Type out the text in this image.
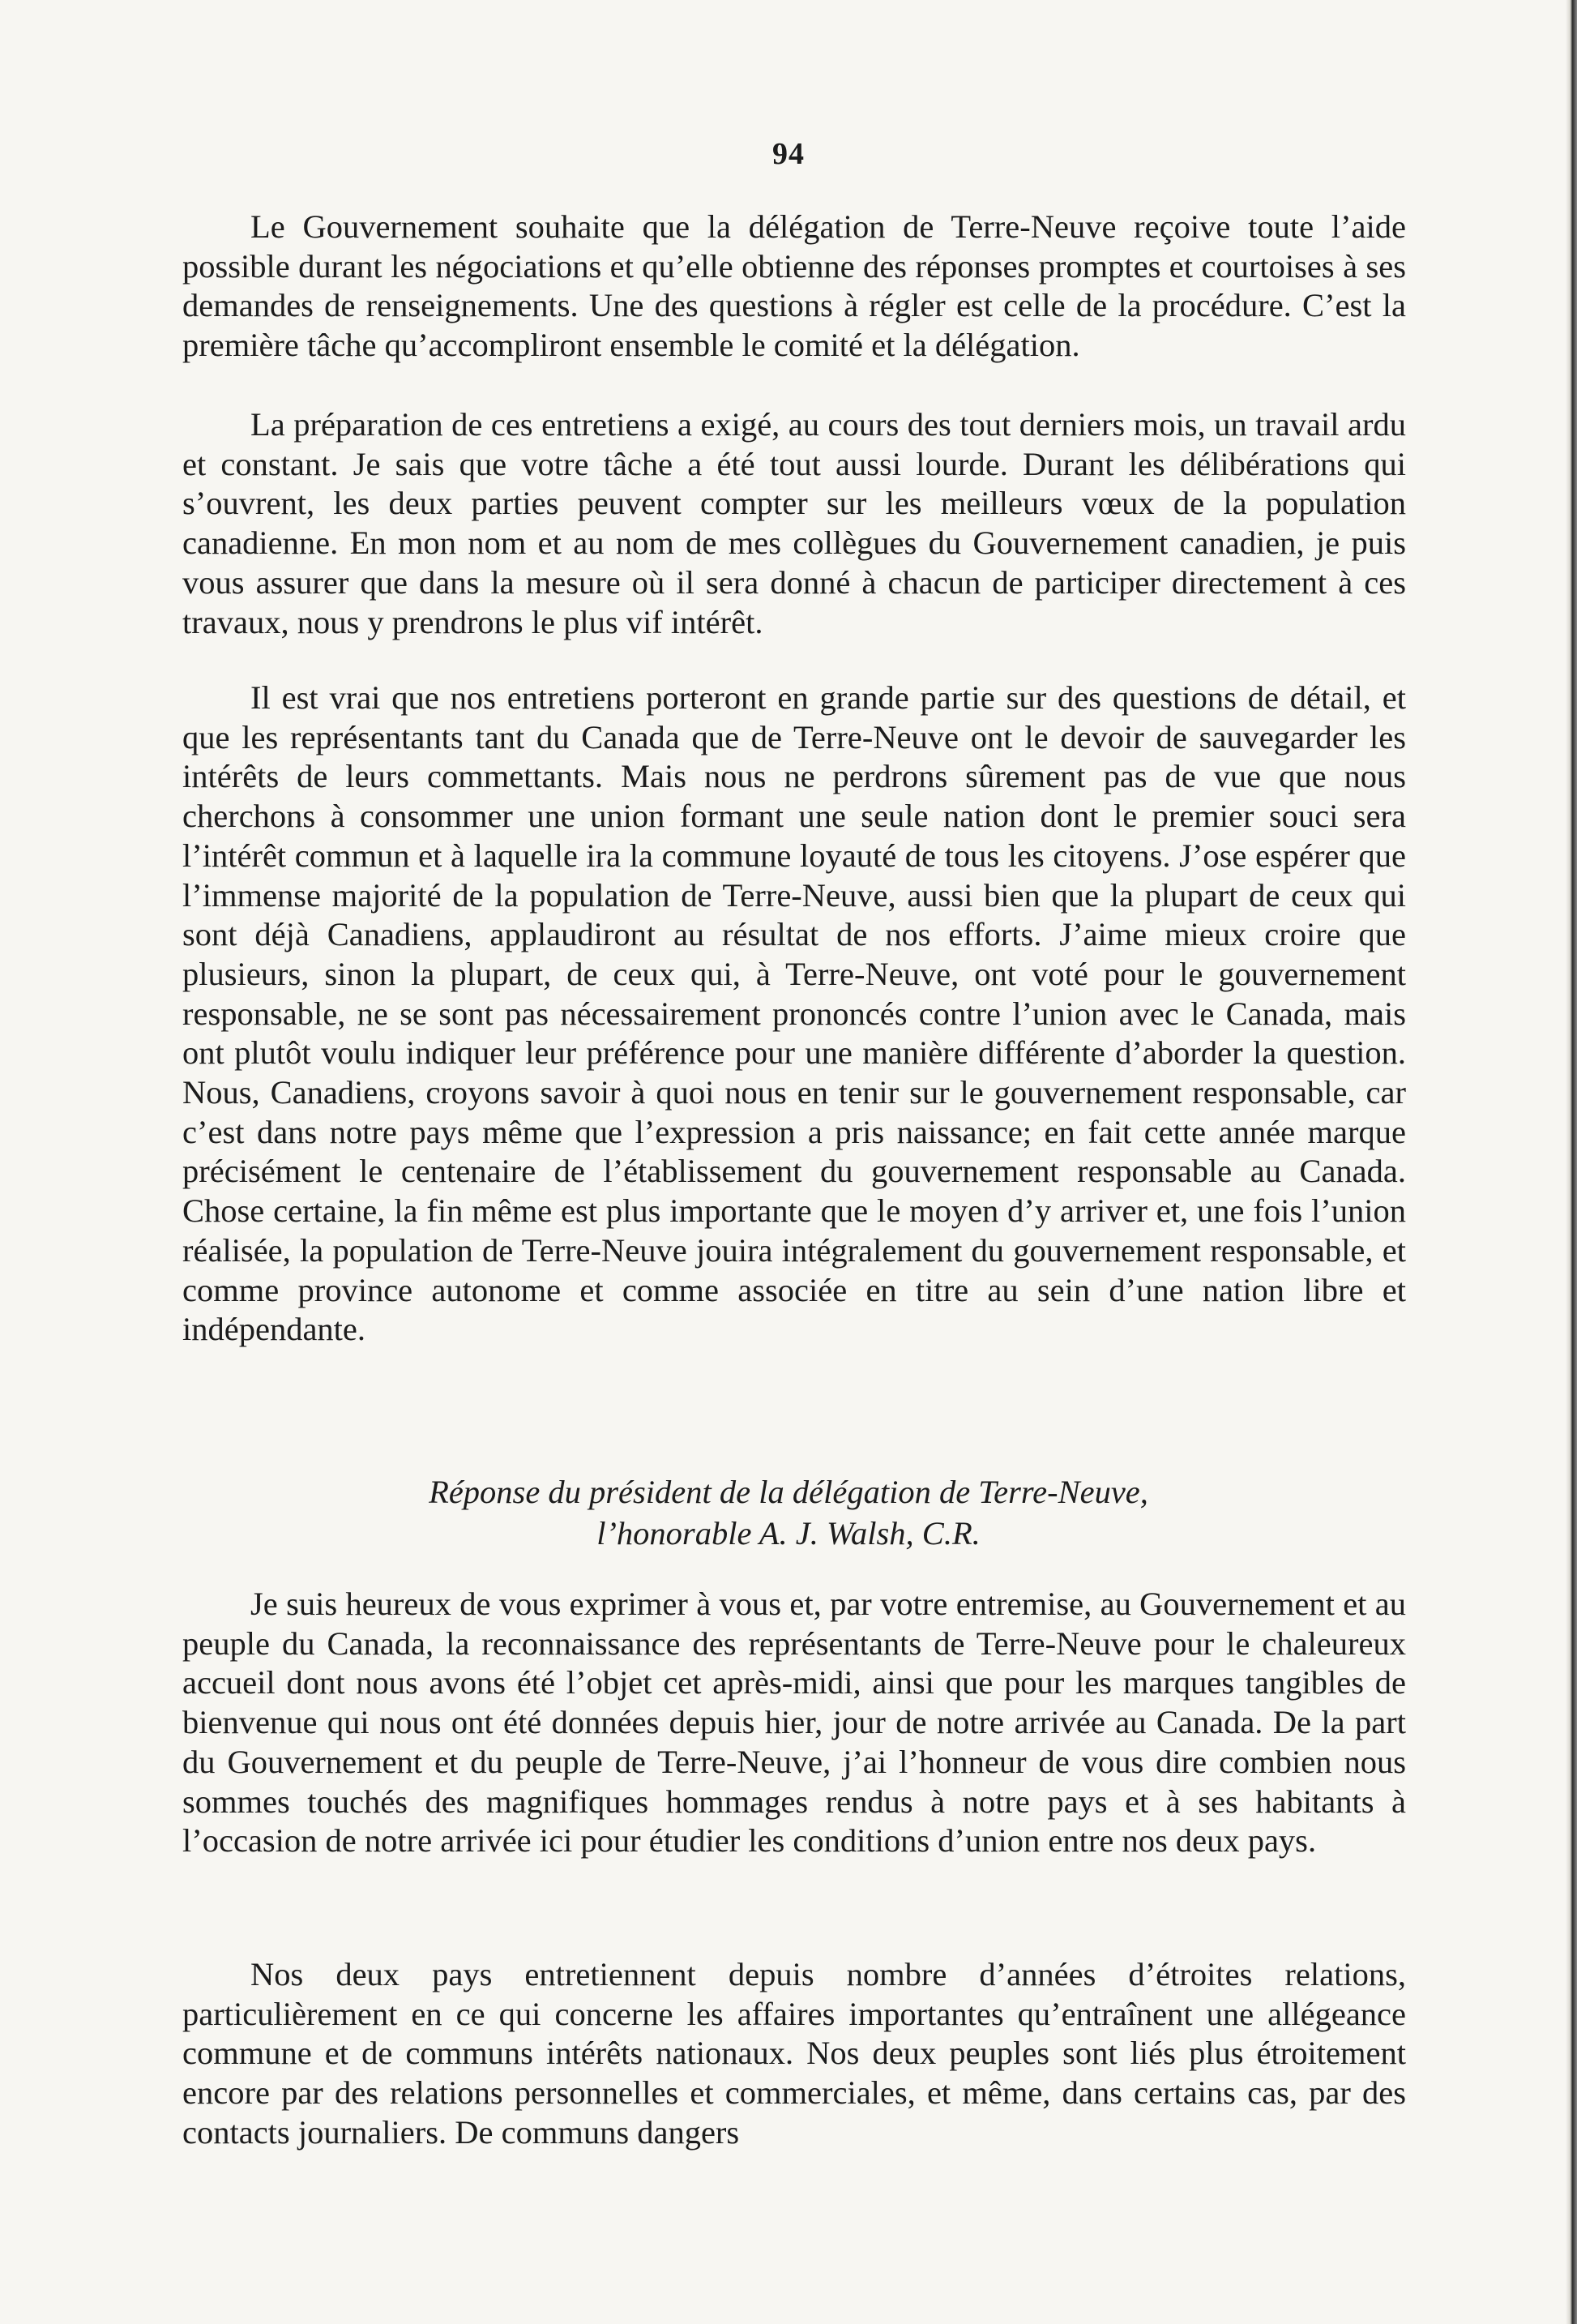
94

Le Gouvernement souhaite que la délégation de Terre-Neuve reçoive toute l’aide possible durant les négociations et qu’elle obtienne des réponses promptes et courtoises à ses demandes de renseignements. Une des questions à régler est celle de la procédure. C’est la première tâche qu’accompliront ensemble le comité et la délégation.

La préparation de ces entretiens a exigé, au cours des tout derniers mois, un travail ardu et constant. Je sais que votre tâche a été tout aussi lourde. Durant les délibérations qui s’ouvrent, les deux parties peuvent compter sur les meilleurs vœux de la population canadienne. En mon nom et au nom de mes collègues du Gouvernement canadien, je puis vous assurer que dans la mesure où il sera donné à chacun de participer directement à ces travaux, nous y prendrons le plus vif intérêt.

Il est vrai que nos entretiens porteront en grande partie sur des questions de détail, et que les représentants tant du Canada que de Terre-Neuve ont le devoir de sauvegarder les intérêts de leurs commettants. Mais nous ne perdrons sûrement pas de vue que nous cherchons à consommer une union formant une seule nation dont le premier souci sera l’intérêt commun et à laquelle ira la commune loyauté de tous les citoyens. J’ose espérer que l’immense majorité de la population de Terre-Neuve, aussi bien que la plupart de ceux qui sont déjà Canadiens, applaudiront au résultat de nos efforts. J’aime mieux croire que plusieurs, sinon la plupart, de ceux qui, à Terre-Neuve, ont voté pour le gouvernement responsable, ne se sont pas nécessairement prononcés contre l’union avec le Canada, mais ont plutôt voulu indiquer leur préférence pour une manière différente d’aborder la question. Nous, Canadiens, croyons savoir à quoi nous en tenir sur le gouvernement responsable, car c’est dans notre pays même que l’expression a pris naissance; en fait cette année marque précisément le centenaire de l’établissement du gouvernement responsable au Canada. Chose certaine, la fin même est plus importante que le moyen d’y arriver et, une fois l’union réalisée, la population de Terre-Neuve jouira intégralement du gouvernement responsable, et comme province autonome et comme associée en titre au sein d’une nation libre et indépendante.

Réponse du président de la délégation de Terre-Neuve,
l’honorable A. J. Walsh, C.R.

Je suis heureux de vous exprimer à vous et, par votre entremise, au Gouvernement et au peuple du Canada, la reconnaissance des représentants de Terre-Neuve pour le chaleureux accueil dont nous avons été l’objet cet après-midi, ainsi que pour les marques tangibles de bienvenue qui nous ont été données depuis hier, jour de notre arrivée au Canada. De la part du Gouvernement et du peuple de Terre-Neuve, j’ai l’honneur de vous dire combien nous sommes touchés des magnifiques hommages rendus à notre pays et à ses habitants à l’occasion de notre arrivée ici pour étudier les conditions d’union entre nos deux pays.

Nos deux pays entretiennent depuis nombre d’années d’étroites relations, particulièrement en ce qui concerne les affaires importantes qu’entraînent une allégeance commune et de communs intérêts nationaux. Nos deux peuples sont liés plus étroitement encore par des relations personnelles et commerciales, et même, dans certains cas, par des contacts journaliers. De communs dangers
